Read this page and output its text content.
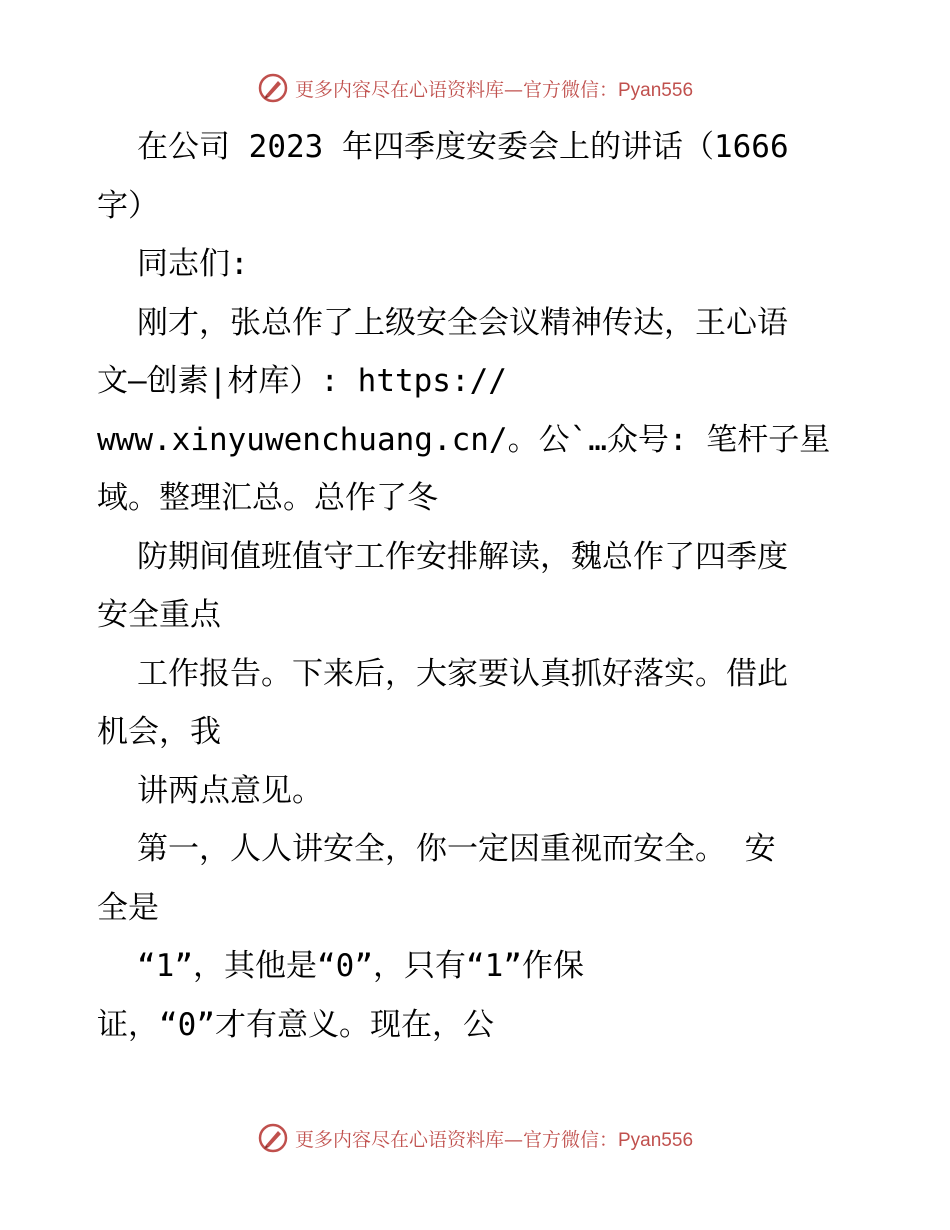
更多内容尽在心语资料库—官方微信：Pyan556
在公司 2023 年四季度安委会上的讲话（1666
字）
同志们:
刚才，张总作了上级安全会议精神传达，王心语
文—创素|材库）: https://
www.xinyuwenchuang.cn/。公`…众号: 笔杆子星
域。整理汇总。总作了冬
防期间值班值守工作安排解读，魏总作了四季度
安全重点
工作报告。下来后，大家要认真抓好落实。借此
机会，我
讲两点意见。
第一，人人讲安全，你一定因重视而安全。 安
全是
“1”，其他是“0”，只有“1”作保
证，“0”才有意义。现在，公
更多内容尽在心语资料库—官方微信：Pyan556
